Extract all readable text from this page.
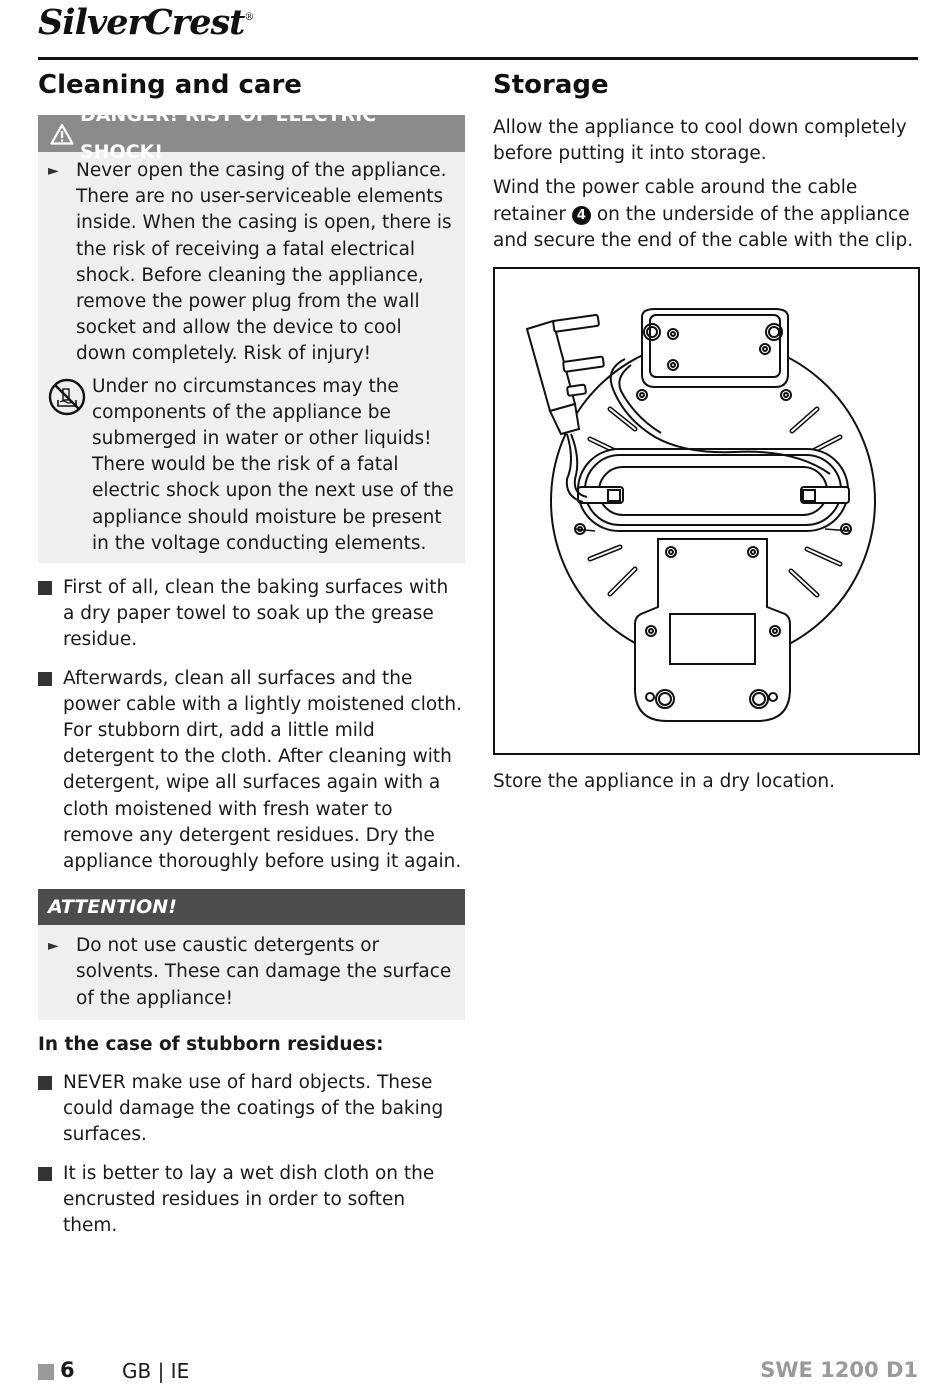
SilverCrest®
Cleaning and care
DANGER! RIST OF ELECTRIC SHOCK!
► Never open the casing of the appliance. There are no user-serviceable elements inside. When the casing is open, there is the risk of receiving a fatal electrical shock. Before cleaning the appliance, remove the power plug from the wall socket and allow the device to cool down completely. Risk of injury!
Under no circumstances may the components of the appliance be submerged in water or other liquids! There would be the risk of a fatal electric shock upon the next use of the appliance should moisture be present in the voltage conducting elements.
First of all, clean the baking surfaces with a dry paper towel to soak up the grease residue.
Afterwards, clean all surfaces and the power cable with a lightly moistened cloth. For stubborn dirt, add a little mild detergent to the cloth. After cleaning with detergent, wipe all surfaces again with a cloth moistened with fresh water to remove any detergent residues. Dry the appliance thoroughly before using it again.
ATTENTION!
► Do not use caustic detergents or solvents. These can damage the surface of the appliance!
In the case of stubborn residues:
NEVER make use of hard objects. These could damage the coatings of the baking surfaces.
It is better to lay a wet dish cloth on the encrusted residues in order to soften them.
Storage

Allow the appliance to cool down completely before putting it into storage.

Wind the power cable around the cable retainer 4 on the underside of the appliance and secure the end of the cable with the clip.

Store the appliance in a dry location.
6 GB | IE	SWE 1200 D1
